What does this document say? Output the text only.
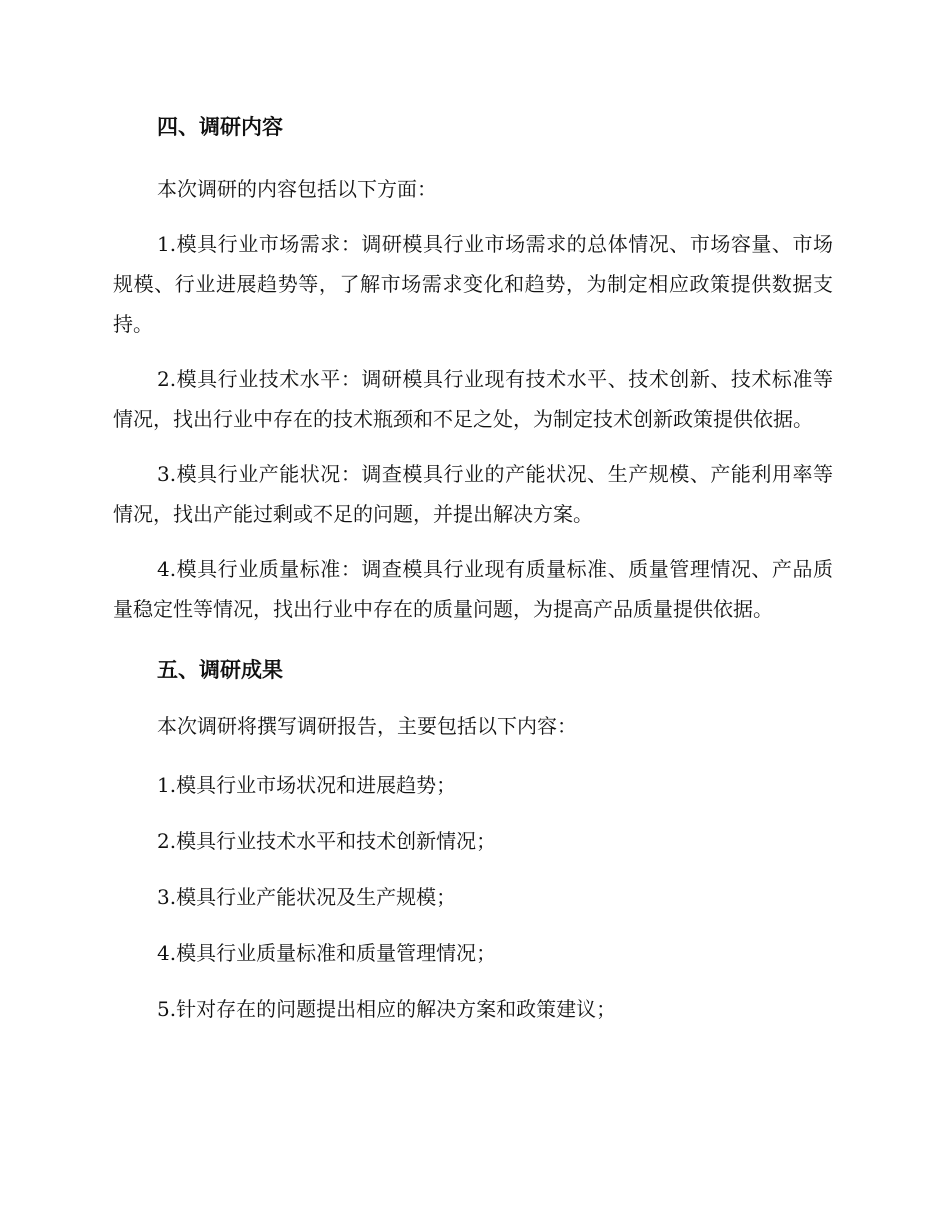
四、调研内容

本次调研的内容包括以下方面：

1.模具行业市场需求：调研模具行业市场需求的总体情况、市场容量、市场规模、行业进展趋势等，了解市场需求变化和趋势，为制定相应政策提供数据支持。

2.模具行业技术水平：调研模具行业现有技术水平、技术创新、技术标准等情况，找出行业中存在的技术瓶颈和不足之处，为制定技术创新政策提供依据。

3.模具行业产能状况：调查模具行业的产能状况、生产规模、产能利用率等情况，找出产能过剩或不足的问题，并提出解决方案。

4.模具行业质量标准：调查模具行业现有质量标准、质量管理情况、产品质量稳定性等情况，找出行业中存在的质量问题，为提高产品质量提供依据。

五、调研成果

本次调研将撰写调研报告，主要包括以下内容：

1.模具行业市场状况和进展趋势；

2.模具行业技术水平和技术创新情况；

3.模具行业产能状况及生产规模；

4.模具行业质量标准和质量管理情况；

5.针对存在的问题提出相应的解决方案和政策建议；
